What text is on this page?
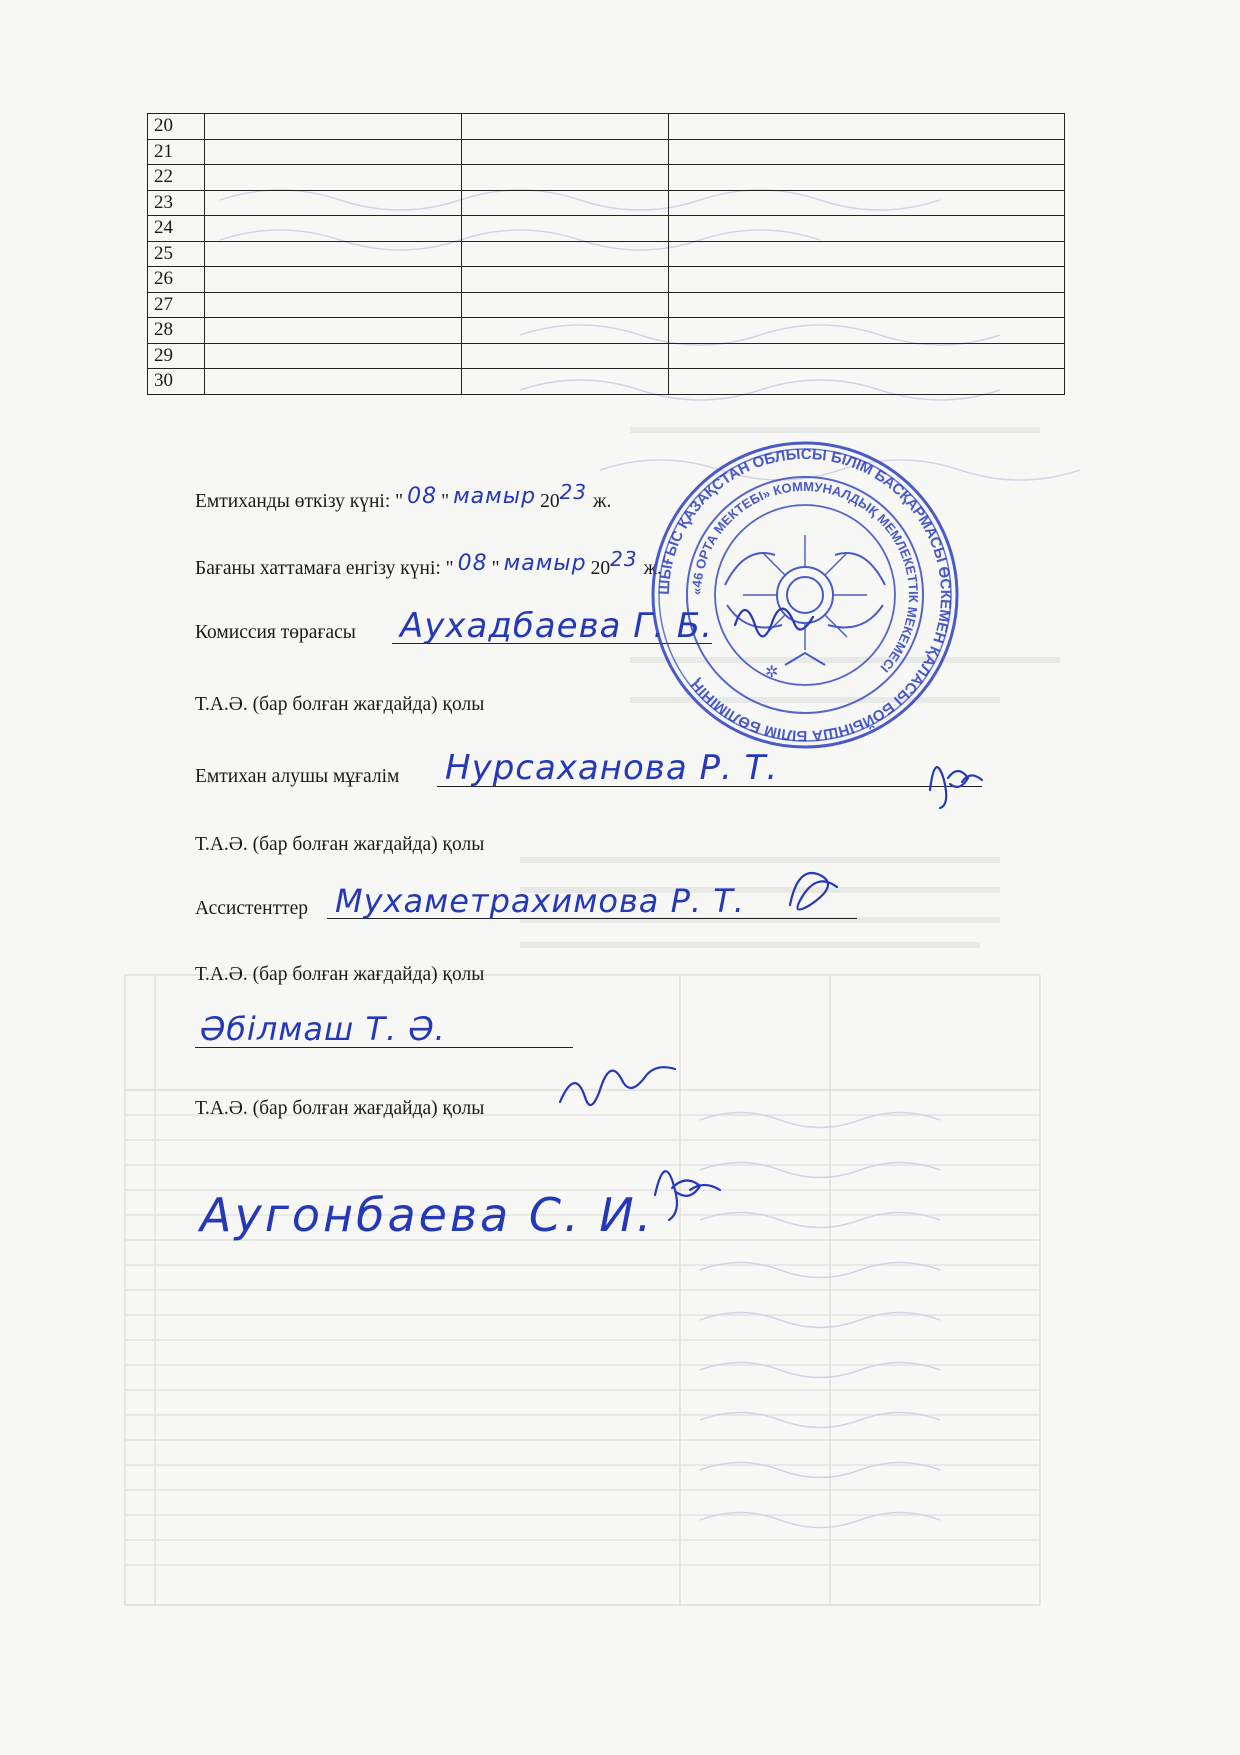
20			
21			
22			
23			
24			
25			
26			
27			
28			
29			
30			
Емтиханды өткізу күні: " 08 " мамыр 2023 ж.
Бағаны хаттамаға енгізу күні: " 08 " мамыр 2023 ж.
Комиссия төрағасы Аухадбаева Г. Б.
Т.А.Ә. (бар болған жағдайда) қолы
Емтихан алушы мұғалім Нурсаханова Р. Т.
Т.А.Ә. (бар болған жағдайда) қолы
Ассистенттер Мухаметрахимова Р. Т.
Т.А.Ә. (бар болған жағдайда) қолы
Әбілмаш Т. Ә.
Т.А.Ә. (бар болған жағдайда) қолы
Аугонбаева С. И.
ШЫҒЫС ҚАЗАҚСТАН ОБЛЫСЫ БІЛІМ БАСҚАРМАСЫ ӨСКЕМЕН ҚАЛАСЫ БОЙЫНША БІЛІМ БӨЛІМІНІҢ
«46 ОРТА МЕКТЕБІ» КОММУНАЛДЫҚ МЕМЛЕКЕТТІК МЕКЕМЕСІ
✲
